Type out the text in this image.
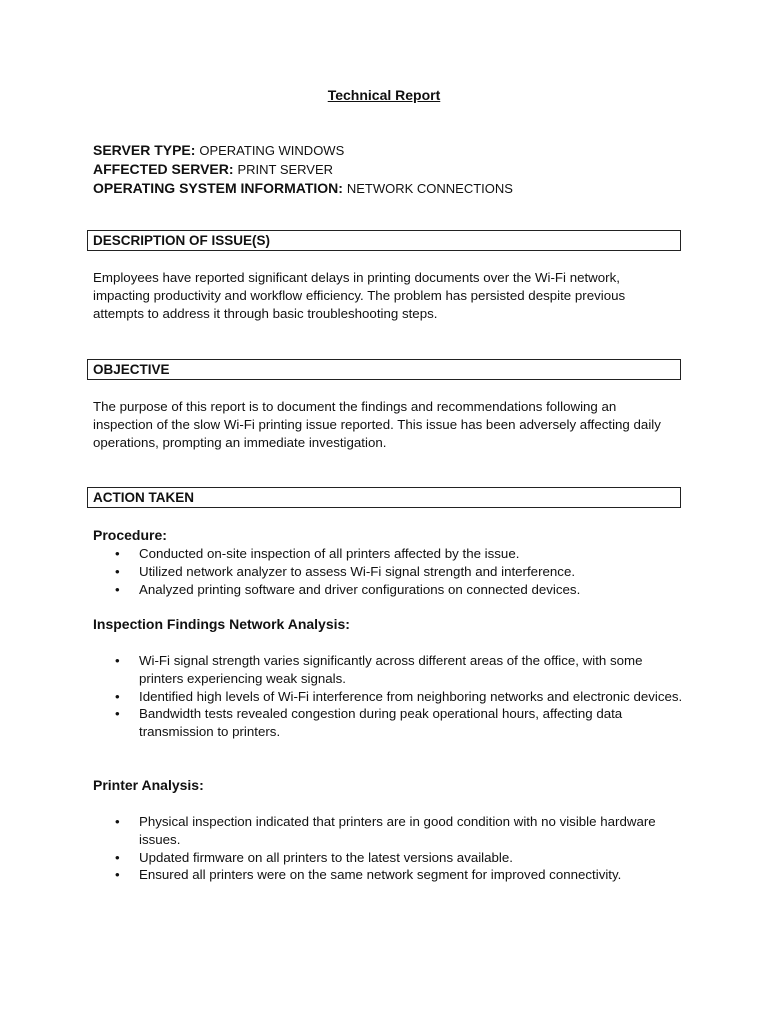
Technical Report
SERVER TYPE: OPERATING WINDOWS
AFFECTED SERVER: PRINT SERVER
OPERATING SYSTEM INFORMATION: NETWORK CONNECTIONS
DESCRIPTION OF ISSUE(S)
Employees have reported significant delays in printing documents over the Wi-Fi network, impacting productivity and workflow efficiency. The problem has persisted despite previous attempts to address it through basic troubleshooting steps.
OBJECTIVE
The purpose of this report is to document the findings and recommendations following an inspection of the slow Wi-Fi printing issue reported. This issue has been adversely affecting daily operations, prompting an immediate investigation.
ACTION TAKEN
Procedure:
• Conducted on-site inspection of all printers affected by the issue.
• Utilized network analyzer to assess Wi-Fi signal strength and interference.
• Analyzed printing software and driver configurations on connected devices.
Inspection Findings Network Analysis:
• Wi-Fi signal strength varies significantly across different areas of the office, with some printers experiencing weak signals.
• Identified high levels of Wi-Fi interference from neighboring networks and electronic devices.
• Bandwidth tests revealed congestion during peak operational hours, affecting data transmission to printers.
Printer Analysis:
• Physical inspection indicated that printers are in good condition with no visible hardware issues.
• Updated firmware on all printers to the latest versions available.
• Ensured all printers were on the same network segment for improved connectivity.
